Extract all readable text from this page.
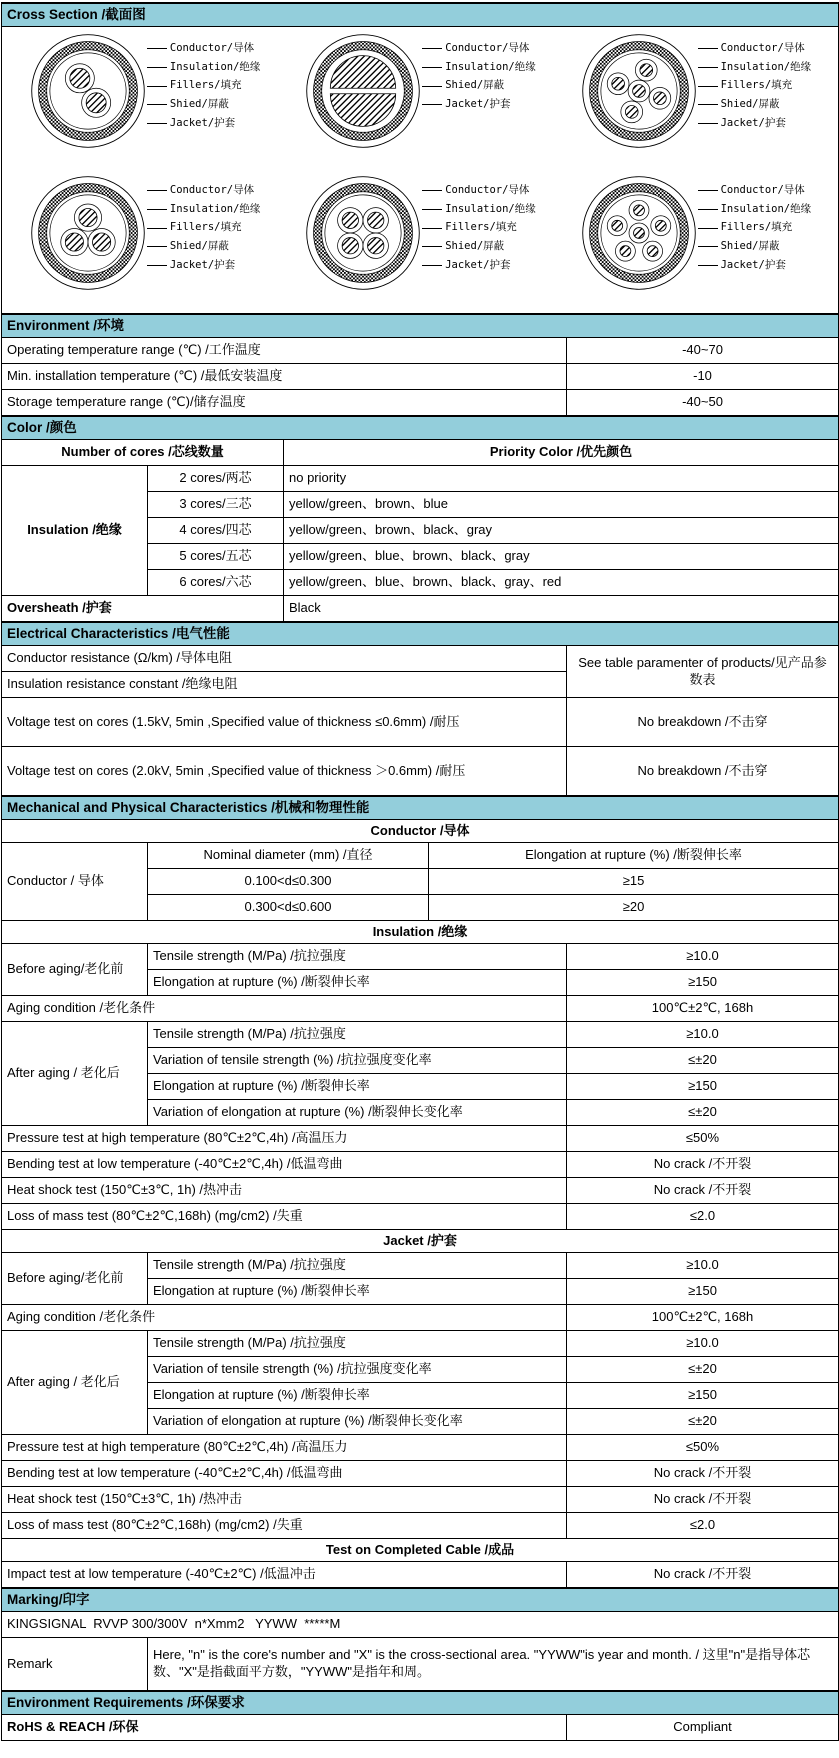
Cross Section /截面图				

Conductor/导体
Insulation/绝缘
Fillers/填充
Shied/屏蔽
Jacket/护套
Conductor/导体
Insulation/绝缘
Shied/屏蔽
Jacket/护套
Conductor/导体
Insulation/绝缘
Fillers/填充
Shied/屏蔽
Jacket/护套
Conductor/导体
Insulation/绝缘
Fillers/填充
Shied/屏蔽
Jacket/护套
Conductor/导体
Insulation/绝缘
Fillers/填充
Shied/屏蔽
Jacket/护套
Conductor/导体
Insulation/绝缘
Fillers/填充
Shied/屏蔽
Jacket/护套

Environment /环境				
Operating temperature range (℃) /工作温度				-40~70
Min. installation temperature (℃) /最低安装温度				-10
Storage temperature range (℃)/储存温度				-40~50
Color /颜色				
Number of cores /芯线数量		Priority Color /优先颜色		
Insulation /绝缘	2 cores/两芯	no priority		
	3 cores/三芯	yellow/green、brown、blue		
	4 cores/四芯	yellow/green、brown、black、gray		
	5 cores/五芯	yellow/green、blue、brown、black、gray		
	6 cores/六芯	yellow/green、blue、brown、black、gray、red		
Oversheath /护套		Black		
Electrical Characteristics /电气性能				
Conductor resistance (Ω/km) /导体电阻				See table paramenter of products/见产品参数表
Insulation resistance constant /绝缘电阻				
Voltage test on cores (1.5kV, 5min ,Specified value of thickness ≤0.6mm) /耐压				No breakdown /不击穿
Voltage test on cores (2.0kV, 5min ,Specified value of thickness ＞0.6mm) /耐压				No breakdown /不击穿
Mechanical and Physical Characteristics /机械和物理性能				
Conductor /导体				
Conductor / 导体	Nominal diameter (mm) /直径		Elongation at rupture (%) /断裂伸长率	
	0.100<d≤0.300		≥15	
	0.300<d≤0.600		≥20	
Insulation /绝缘				
Before aging/老化前	Tensile strength (M/Pa) /抗拉强度			≥10.0
	Elongation at rupture (%) /断裂伸长率			≥150
Aging condition /老化条件				100℃±2℃, 168h
After aging / 老化后	Tensile strength (M/Pa) /抗拉强度			≥10.0
	Variation of tensile strength (%) /抗拉强度变化率			≤±20
	Elongation at rupture (%) /断裂伸长率			≥150
	Variation of elongation at rupture (%) /断裂伸长变化率			≤±20
Pressure test at high temperature (80℃±2℃,4h) /高温压力				≤50%
Bending test at low temperature (-40℃±2℃,4h) /低温弯曲				No crack /不开裂
Heat shock test (150℃±3℃, 1h) /热冲击				No crack /不开裂
Loss of mass test (80℃±2℃,168h) (mg/cm2) /失重				≤2.0
Jacket /护套				
Before aging/老化前	Tensile strength (M/Pa) /抗拉强度			≥10.0
	Elongation at rupture (%) /断裂伸长率			≥150
Aging condition /老化条件				100℃±2℃, 168h
After aging / 老化后	Tensile strength (M/Pa) /抗拉强度			≥10.0
	Variation of tensile strength (%) /抗拉强度变化率			≤±20
	Elongation at rupture (%) /断裂伸长率			≥150
	Variation of elongation at rupture (%) /断裂伸长变化率			≤±20
Pressure test at high temperature (80℃±2℃,4h) /高温压力				≤50%
Bending test at low temperature (-40℃±2℃,4h) /低温弯曲				No crack /不开裂
Heat shock test (150℃±3℃, 1h) /热冲击				No crack /不开裂
Loss of mass test (80℃±2℃,168h) (mg/cm2) /失重				≤2.0
Test on Completed Cable /成品				
Impact test at low temperature (-40℃±2℃) /低温冲击				No crack /不开裂
Marking/印字				
KINGSIGNAL  RVVP 300/300V  n*Xmm2   YYWW  *****M				
Remark	Here, "n" is the core's number and "X" is the cross-sectional area. "YYWW"is year and month. / 这里"n"是指导体芯数、"X"是指截面平方数，"YYWW"是指年和周。			
Environment Requirements /环保要求				
RoHS & REACH /环保				Compliant
